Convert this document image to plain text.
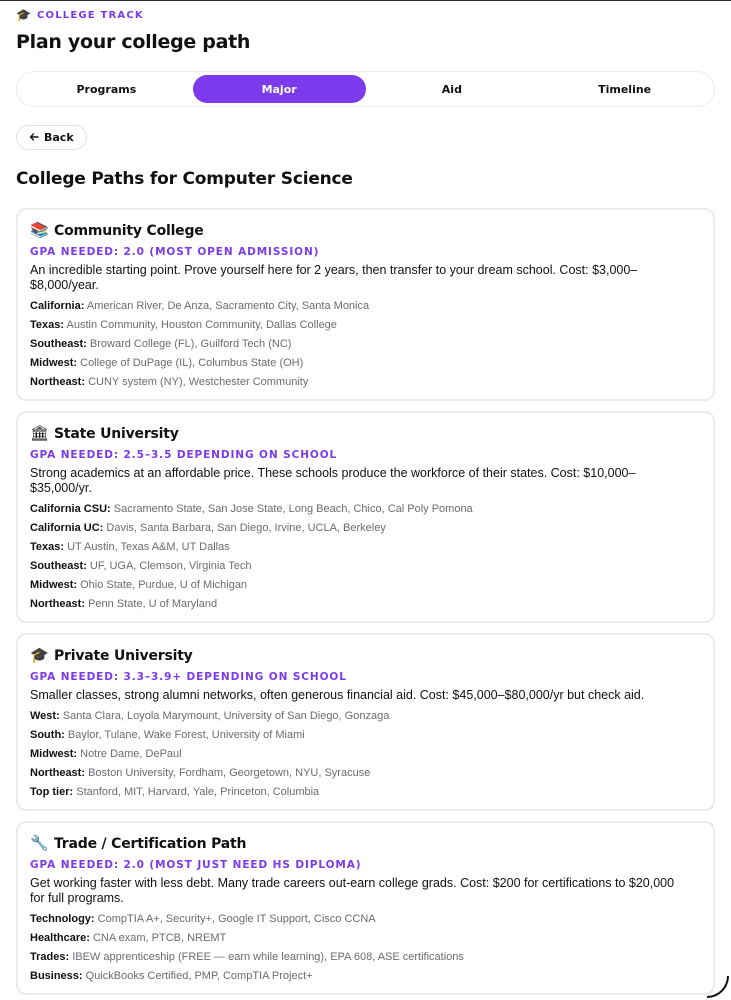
🎓 COLLEGE TRACK
Plan your college path
Programs	Major	Aid	Timeline
Back
College Paths for Computer Science
📚 Community College
GPA NEEDED: 2.0 (MOST OPEN ADMISSION)
An incredible starting point. Prove yourself here for 2 years, then transfer to your dream school. Cost: $3,000–$8,000/year.
California: American River, De Anza, Sacramento City, Santa Monica
Texas: Austin Community, Houston Community, Dallas College
Southeast: Broward College (FL), Guilford Tech (NC)
Midwest: College of DuPage (IL), Columbus State (OH)
Northeast: CUNY system (NY), Westchester Community
🏛 State University
GPA NEEDED: 2.5–3.5 DEPENDING ON SCHOOL
Strong academics at an affordable price. These schools produce the workforce of their states. Cost: $10,000–$35,000/yr.
California CSU: Sacramento State, San Jose State, Long Beach, Chico, Cal Poly Pomona
California UC: Davis, Santa Barbara, San Diego, Irvine, UCLA, Berkeley
Texas: UT Austin, Texas A&M, UT Dallas
Southeast: UF, UGA, Clemson, Virginia Tech
Midwest: Ohio State, Purdue, U of Michigan
Northeast: Penn State, U of Maryland
🎓 Private University
GPA NEEDED: 3.3–3.9+ DEPENDING ON SCHOOL
Smaller classes, strong alumni networks, often generous financial aid. Cost: $45,000–$80,000/yr but check aid.
West: Santa Clara, Loyola Marymount, University of San Diego, Gonzaga
South: Baylor, Tulane, Wake Forest, University of Miami
Midwest: Notre Dame, DePaul
Northeast: Boston University, Fordham, Georgetown, NYU, Syracuse
Top tier: Stanford, MIT, Harvard, Yale, Princeton, Columbia
🔧 Trade / Certification Path
GPA NEEDED: 2.0 (MOST JUST NEED HS DIPLOMA)
Get working faster with less debt. Many trade careers out-earn college grads. Cost: $200 for certifications to $20,000 for full programs.
Technology: CompTIA A+, Security+, Google IT Support, Cisco CCNA
Healthcare: CNA exam, PTCB, NREMT
Trades: IBEW apprenticeship (FREE — earn while learning), EPA 608, ASE certifications
Business: QuickBooks Certified, PMP, CompTIA Project+
